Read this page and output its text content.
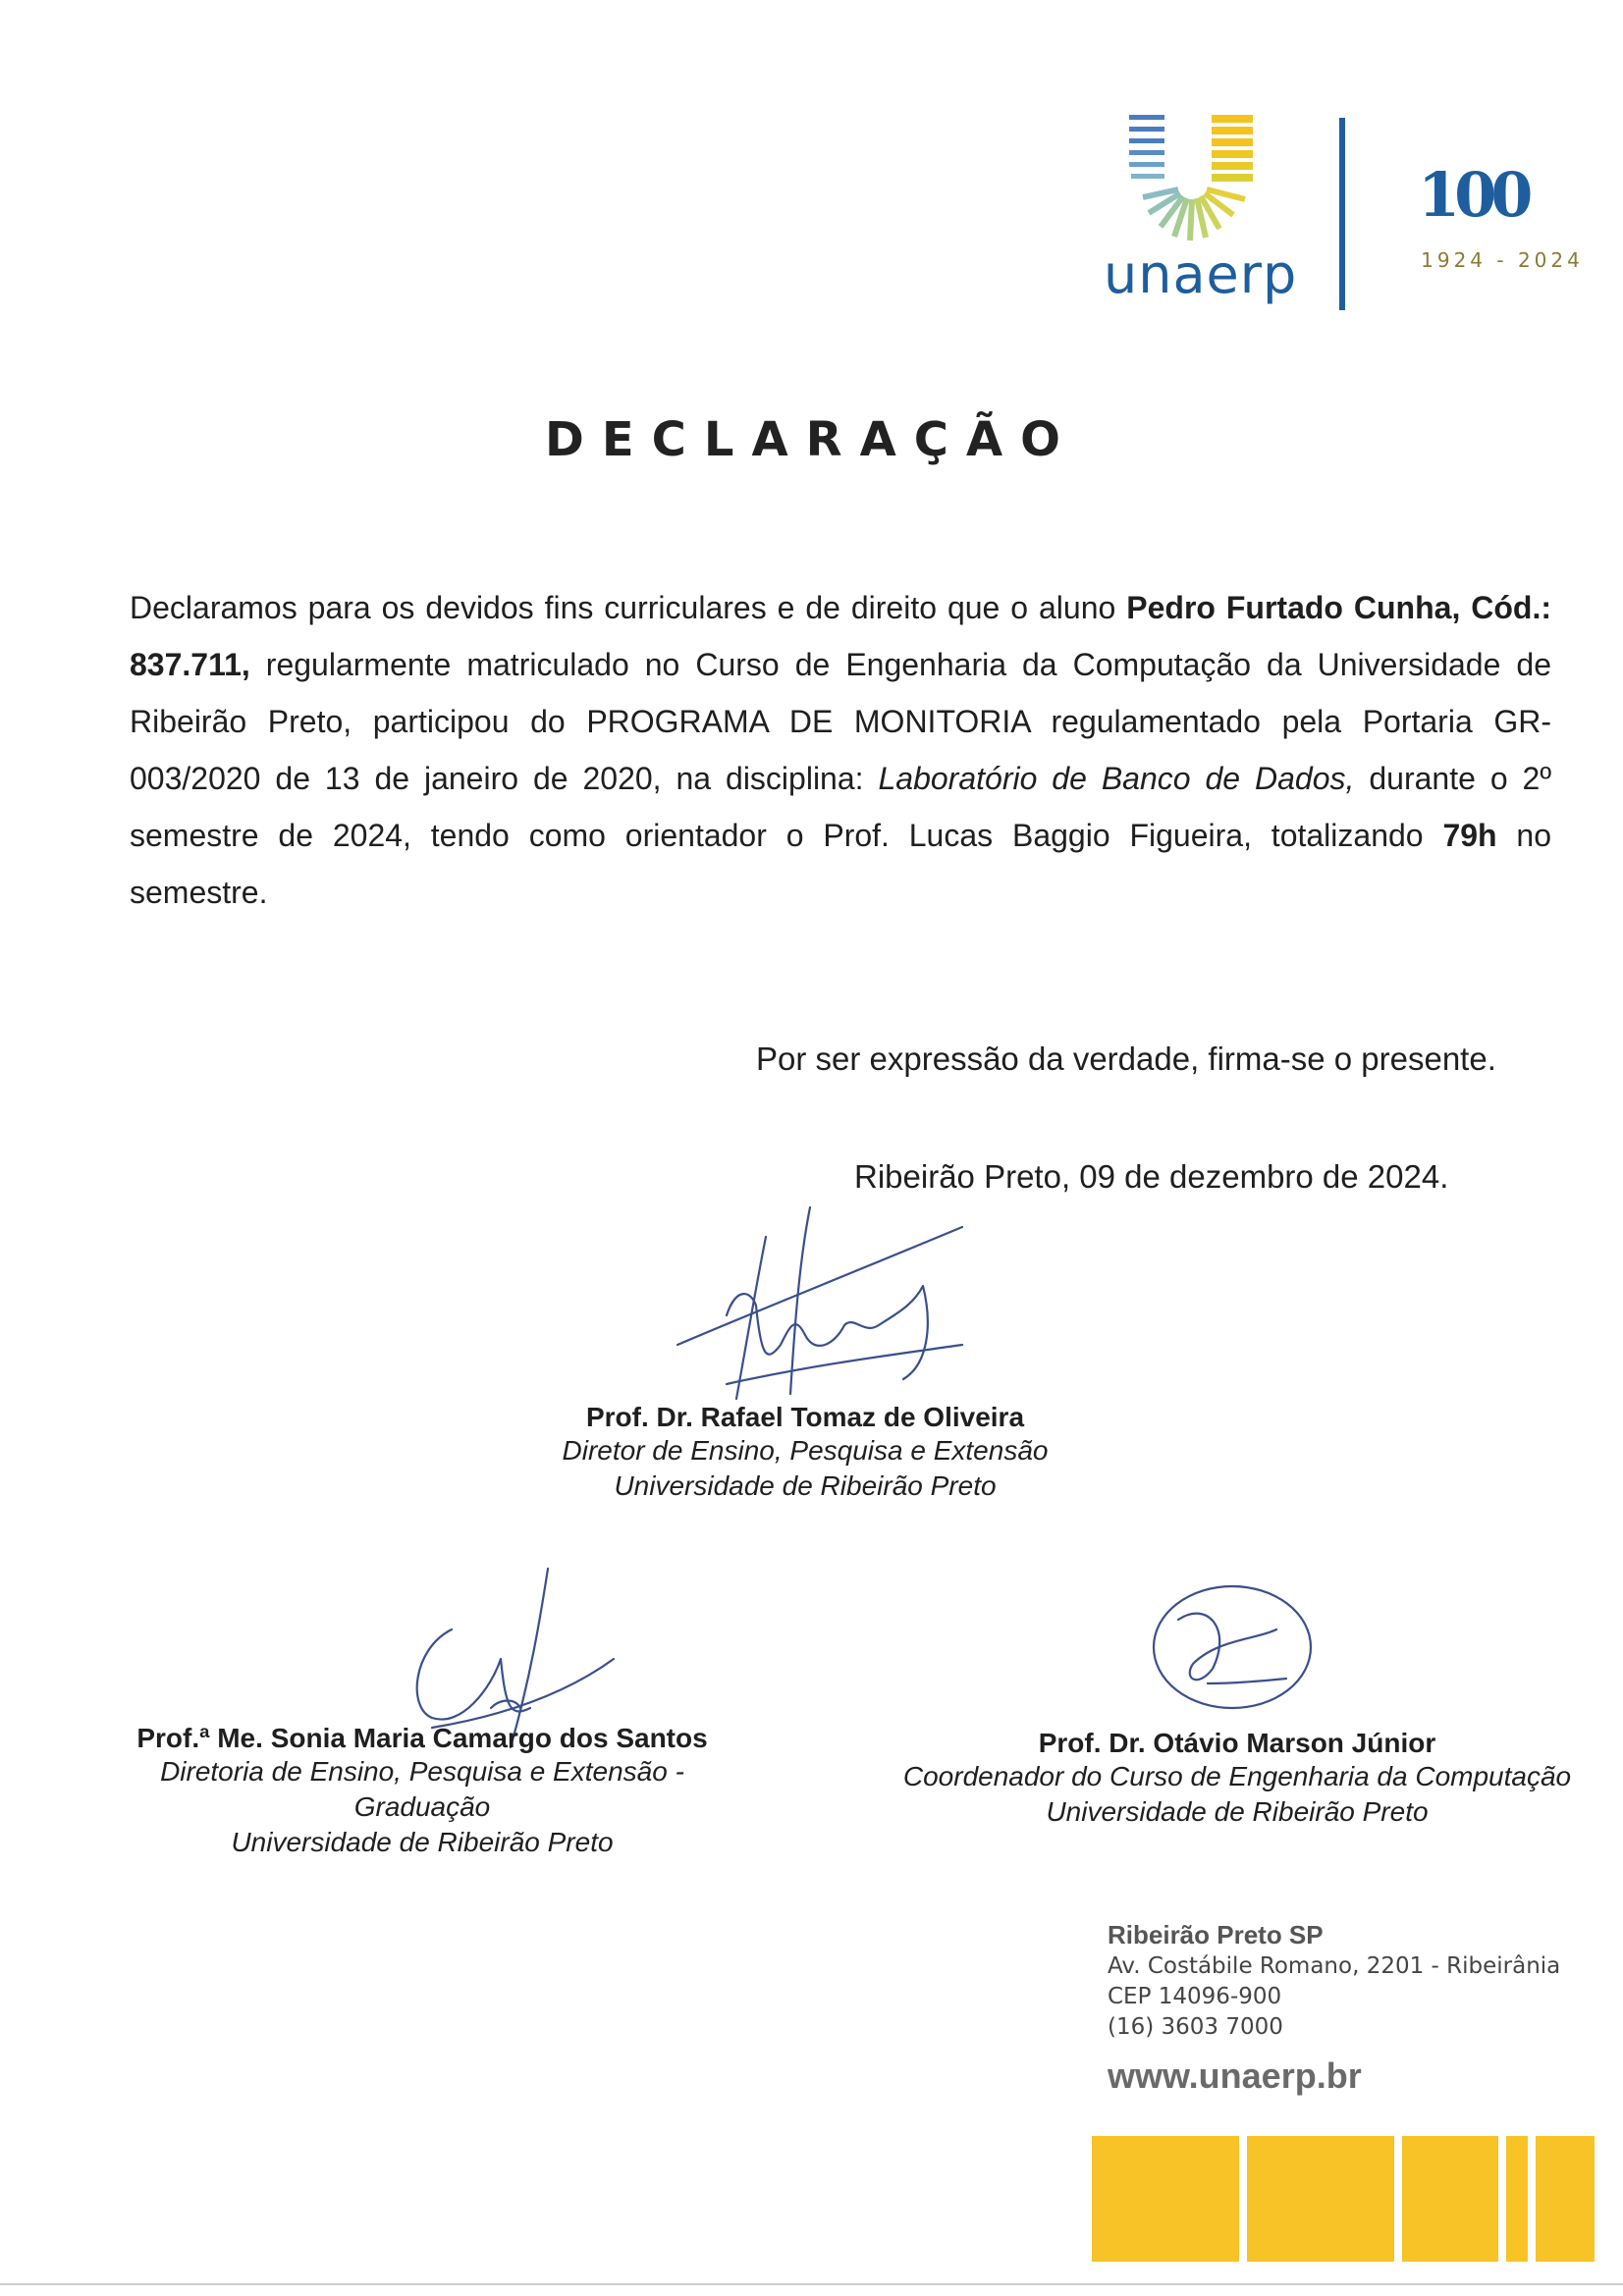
unaerp
100
1924 - 2024
DECLARAÇÃO
Declaramos para os devidos fins curriculares e de direito que o aluno Pedro Furtado Cunha, Cód.: 837.711, regularmente matriculado no Curso de Engenharia da Computação da Universidade de Ribeirão Preto, participou do PROGRAMA DE MONITORIA regulamentado pela Portaria GR-003/2020 de 13 de janeiro de 2020, na disciplina: Laboratório de Banco de Dados, durante o 2º semestre de 2024, tendo como orientador o Prof. Lucas Baggio Figueira, totalizando 79h no semestre.
Por ser expressão da verdade, firma-se o presente.
Ribeirão Preto, 09 de dezembro de 2024.
Prof. Dr. Rafael Tomaz de Oliveira
Diretor de Ensino, Pesquisa e Extensão
Universidade de Ribeirão Preto
Prof.ª Me. Sonia Maria Camargo dos Santos
Diretoria de Ensino, Pesquisa e Extensão - Graduação
Universidade de Ribeirão Preto
Prof. Dr. Otávio Marson Júnior
Coordenador do Curso de Engenharia da Computação
Universidade de Ribeirão Preto
Ribeirão Preto SP
Av. Costábile Romano, 2201 - Ribeirânia
CEP 14096-900
(16) 3603 7000
www.unaerp.br
